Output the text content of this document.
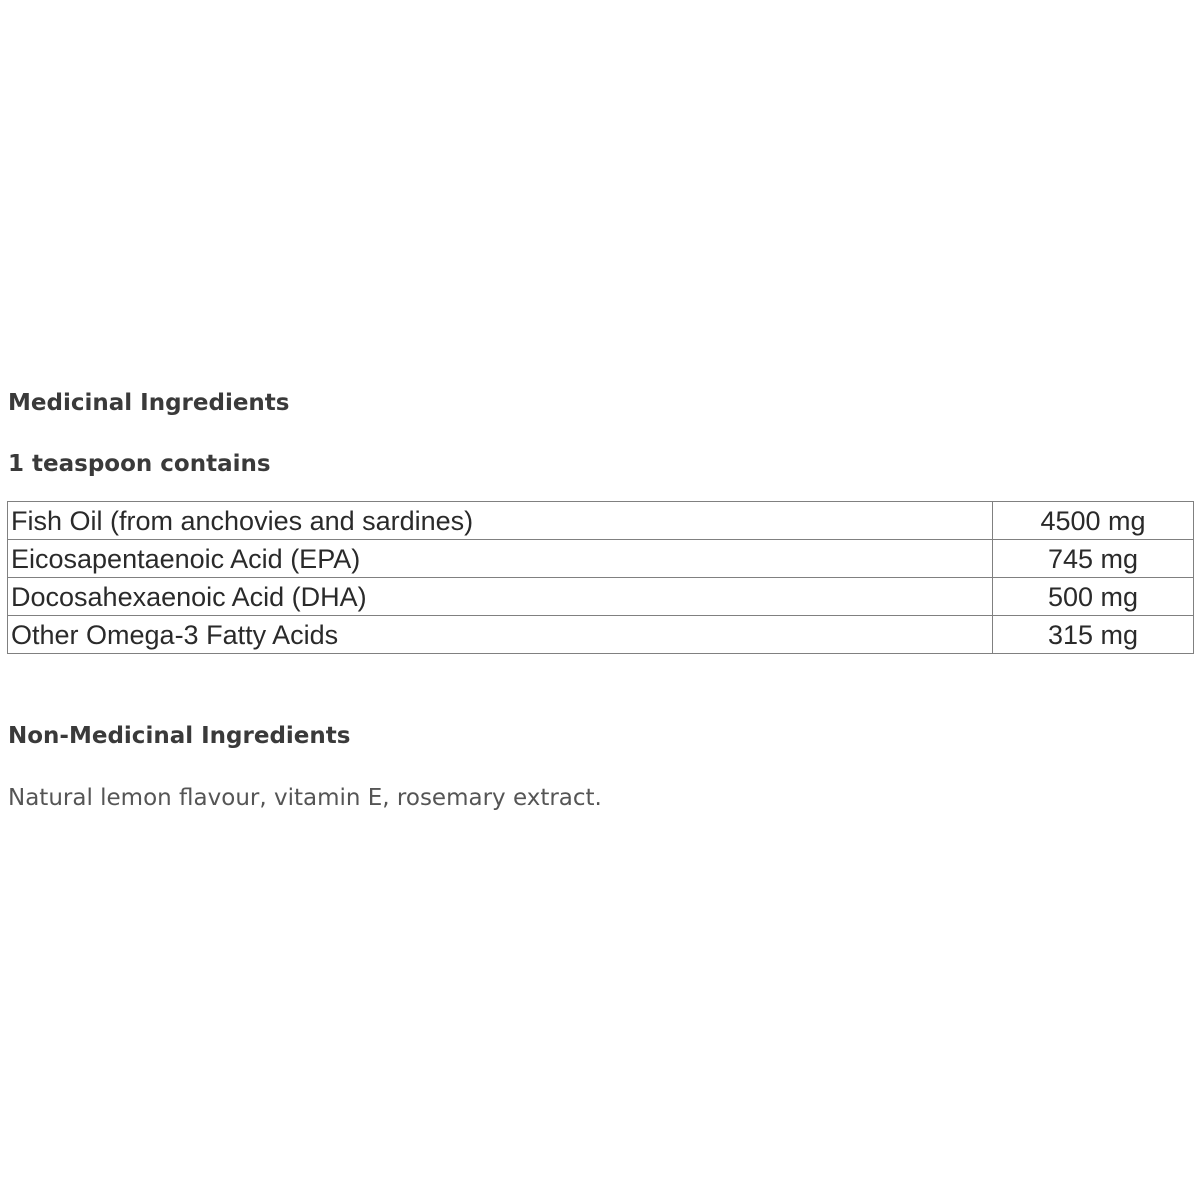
Medicinal Ingredients
1 teaspoon contains
Fish Oil (from anchovies and sardines)	4500 mg
Eicosapentaenoic Acid (EPA)	745 mg
Docosahexaenoic Acid (DHA)	500 mg
Other Omega-3 Fatty Acids	315 mg
Non-Medicinal Ingredients

Natural lemon flavour, vitamin E, rosemary extract.
